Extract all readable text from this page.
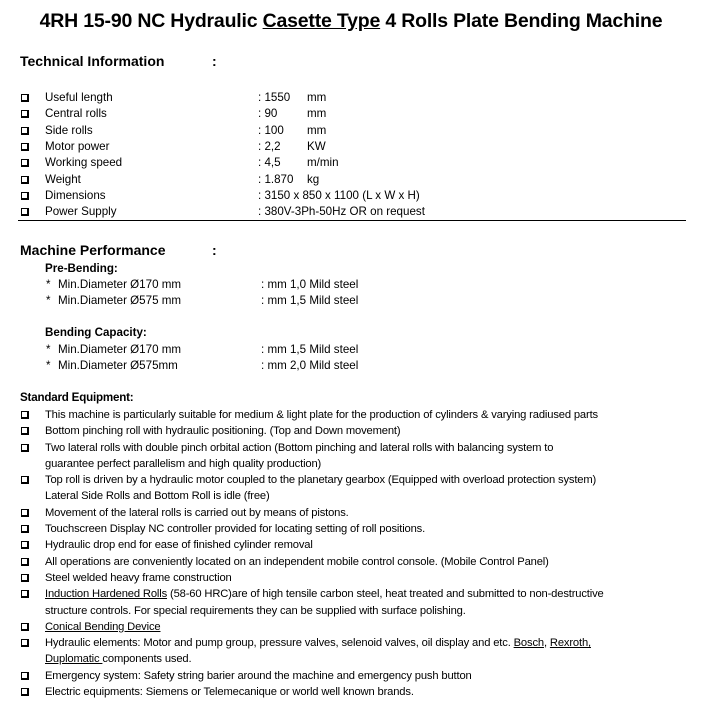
4RH 15-90 NC Hydraulic Casette Type 4 Rolls Plate Bending Machine
Technical Information	:
Useful length	: 1550 mm
Central rolls	: 90	mm
Side rolls	: 100 mm
Motor power	: 2,2 KW
Working speed	: 4,5 m/min
Weight	: 1.870 kg
Dimensions	: 3150 x 850 x 1100 (L x W x H)
Power Supply	: 380V-3Ph-50Hz OR on request
Machine Performance	:
Pre-Bending:
* Min.Diameter Ø170 mm	: mm 1,0 Mild steel
* Min.Diameter Ø575 mm	: mm 1,5 Mild steel
Bending Capacity:
* Min.Diameter Ø170 mm	: mm 1,5 Mild steel
* Min.Diameter Ø575mm	: mm 2,0 Mild steel
Standard Equipment:
This machine is particularly suitable for medium & light plate for the production of cylinders & varying radiused parts
Bottom pinching roll with hydraulic positioning. (Top and Down movement)
Two lateral rolls with double pinch orbital action (Bottom pinching and lateral rolls with balancing system to
guarantee perfect parallelism and high quality production)
Top roll is driven by a hydraulic motor coupled to the planetary gearbox (Equipped with overload protection system)
Lateral Side Rolls and Bottom Roll is idle (free)
Movement of the lateral rolls is carried out by means of pistons.
Touchscreen Display NC controller provided for locating setting of roll positions.
Hydraulic drop end for ease of finished cylinder removal
All operations are conveniently located on an independent mobile control console. (Mobile Control Panel)
Steel welded heavy frame construction
Induction Hardened Rolls (58-60 HRC)are of high tensile carbon steel, heat treated and submitted to non-destructive
structure controls. For special requirements they can be supplied with surface polishing.
Conical Bending Device
Hydraulic elements: Motor and pump group, pressure valves, selenoid valves, oil display and etc. Bosch, Rexroth,
Duplomatic components used.
Emergency system: Safety string barier around the machine and emergency push button
Electric equipments: Siemens or Telemecanique or world well known brands.
